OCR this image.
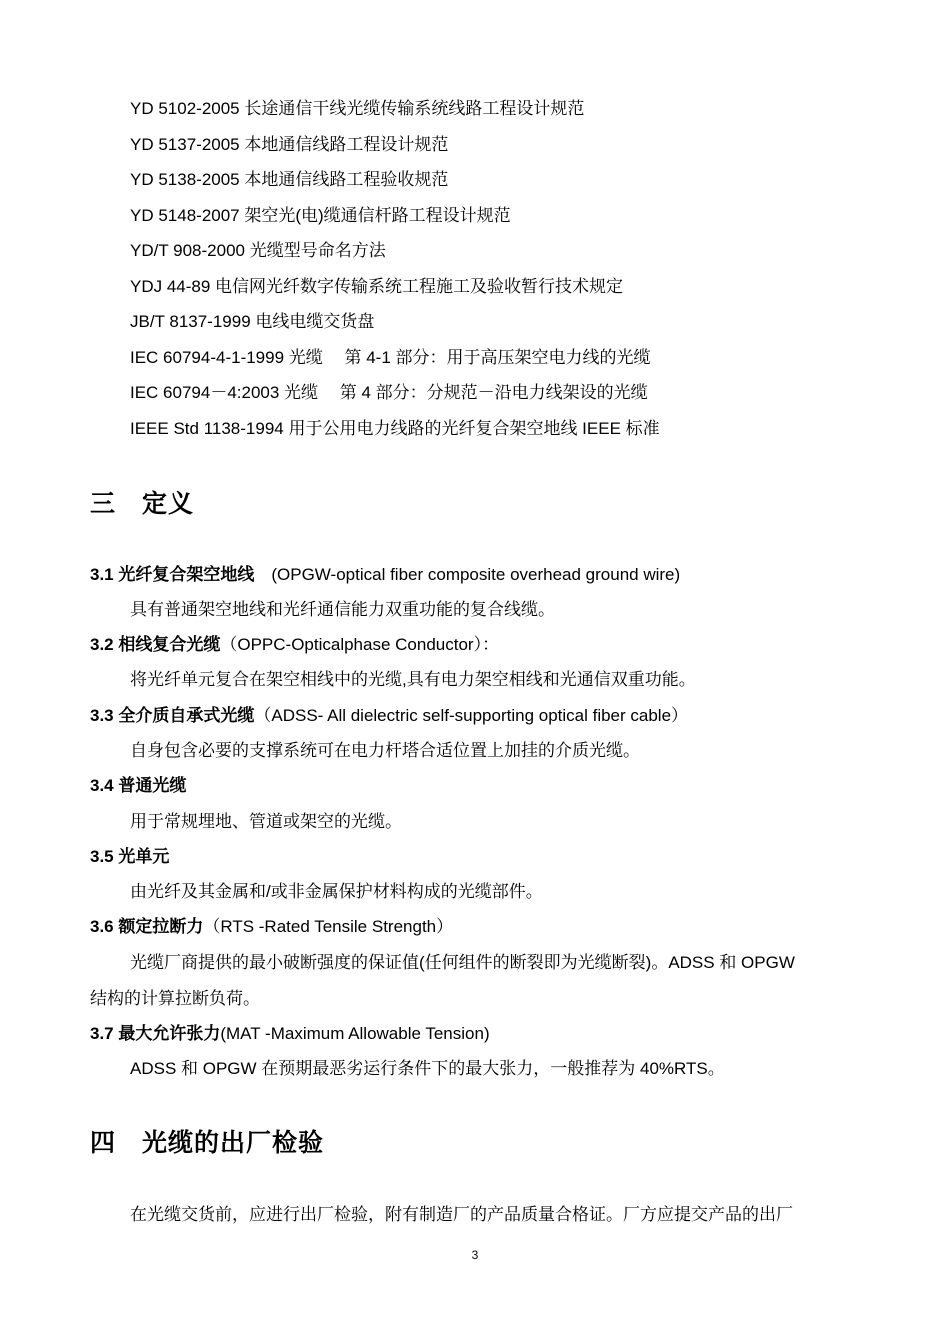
YD 5102-2005 长途通信干线光缆传输系统线路工程设计规范
YD 5137-2005 本地通信线路工程设计规范
YD 5138-2005 本地通信线路工程验收规范
YD 5148-2007 架空光(电)缆通信杆路工程设计规范
YD/T 908-2000 光缆型号命名方法
YDJ 44-89 电信网光纤数字传输系统工程施工及验收暂行技术规定
JB/T 8137-1999 电线电缆交货盘
IEC 60794-4-1-1999 光缆　 第 4-1 部分：用于高压架空电力线的光缆
IEC 60794－4:2003 光缆　 第 4 部分：分规范－沿电力线架设的光缆
IEEE Std 1138-1994 用于公用电力线路的光纤复合架空地线 IEEE 标准
三 定义
3.1 光纤复合架空地线　(OPGW-optical fiber composite overhead ground wire)
具有普通架空地线和光纤通信能力双重功能的复合线缆。
3.2 相线复合光缆（OPPC-Opticalphase Conductor）：
将光纤单元复合在架空相线中的光缆,具有电力架空相线和光通信双重功能。
3.3 全介质自承式光缆（ADSS- All dielectric self-supporting optical fiber cable）
自身包含必要的支撑系统可在电力杆塔合适位置上加挂的介质光缆。
3.4 普通光缆
用于常规埋地、管道或架空的光缆。
3.5 光单元
由光纤及其金属和/或非金属保护材料构成的光缆部件。
3.6 额定拉断力（RTS -Rated Tensile Strength）
光缆厂商提供的最小破断强度的保证值(任何组件的断裂即为光缆断裂)。ADSS 和 OPGW
结构的计算拉断负荷。
3.7 最大允许张力(MAT -Maximum Allowable Tension)
ADSS 和 OPGW 在预期最恶劣运行条件下的最大张力，一般推荐为 40%RTS。
四 光缆的出厂检验
在光缆交货前，应进行出厂检验，附有制造厂的产品质量合格证。厂方应提交产品的出厂
3
